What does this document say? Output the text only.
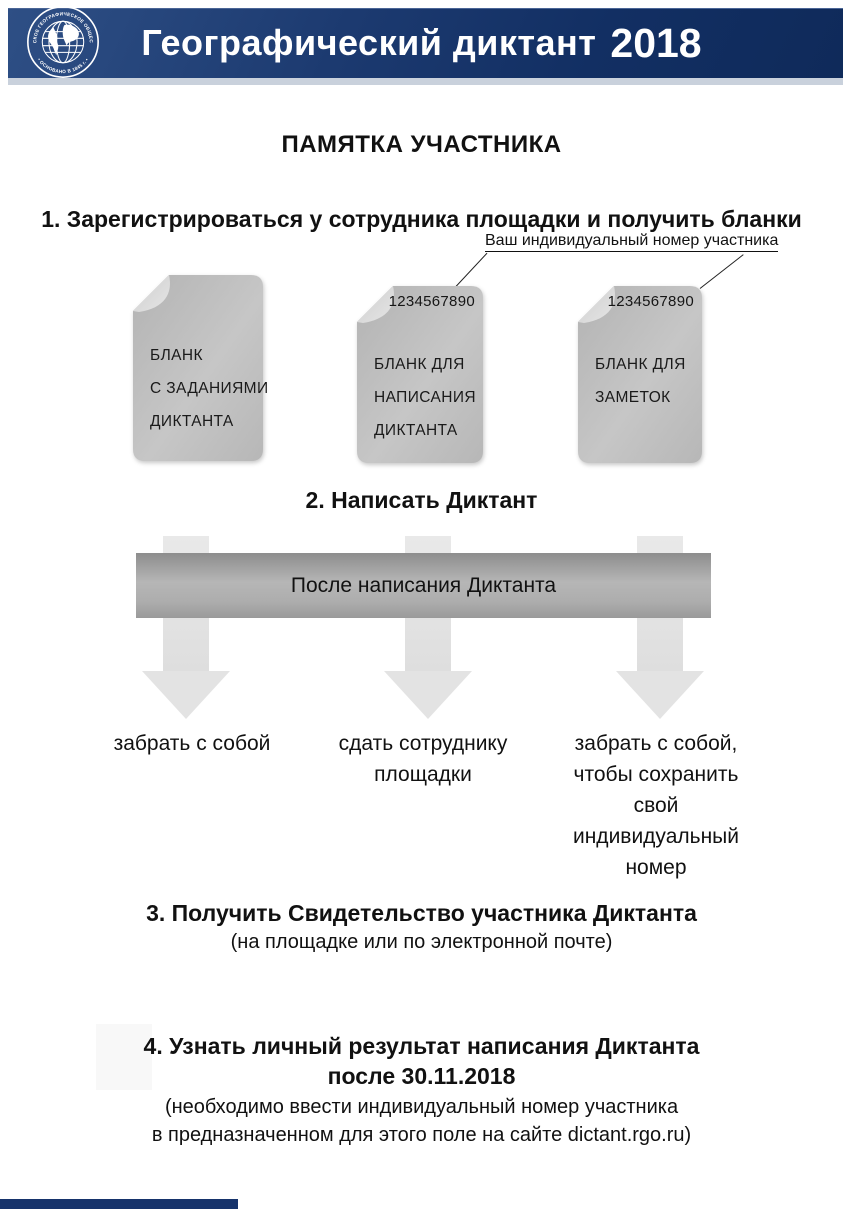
СКОЕ ГЕОГРАФИЧЕСКОЕ ОБЩЕС
• ОСНОВАНО В 1845 г. • Географический диктант 2018
ПАМЯТКА УЧАСТНИКА
1. Зарегистрироваться у сотрудника площадки и получить бланки
Ваш индивидуальный номер участника
БЛАНК
С ЗАДАНИЯМИ
ДИКТАНТА
1234567890
БЛАНК ДЛЯ
НАПИСАНИЯ
ДИКТАНТА
1234567890
БЛАНК ДЛЯ
ЗАМЕТОК
2. Написать Диктант
После написания Диктанта
забрать с собой	сдать сотруднику
площадки
забрать с собой,
чтобы сохранить
свой
индивидуальный
номер
3. Получить Свидетельство участника Диктанта
(на площадке или по электронной почте)
4. Узнать личный результат написания Диктанта
после 30.11.2018
(необходимо ввести индивидуальный номер участника
в предназначенном для этого поле на сайте dictant.rgo.ru)
